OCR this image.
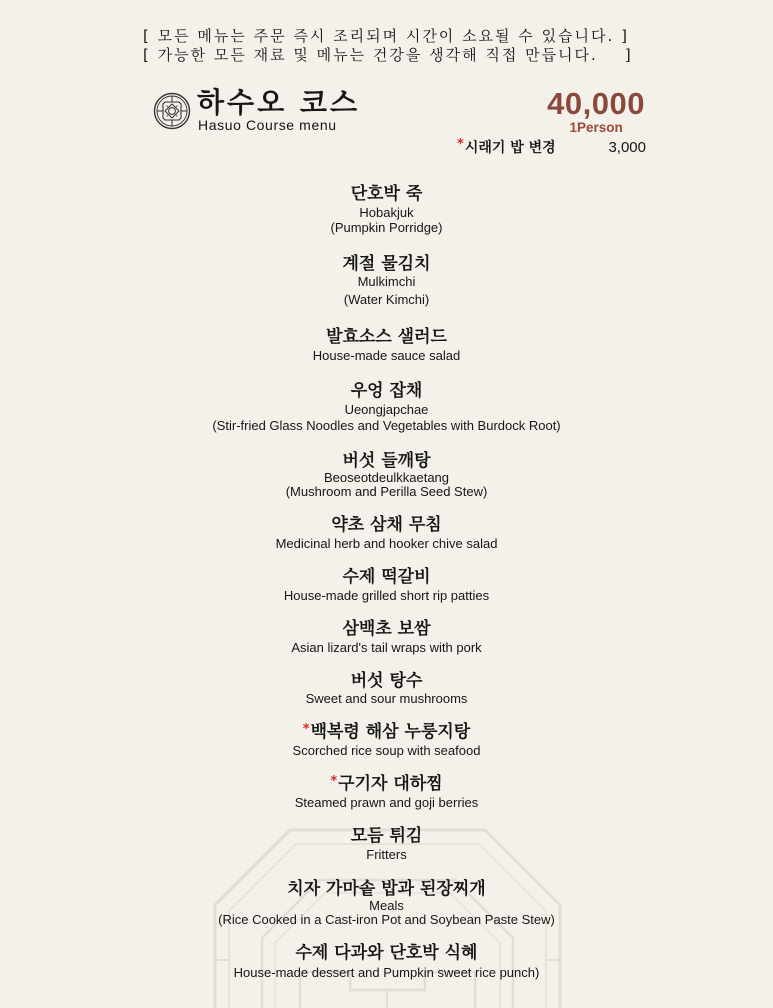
[ 모든 메뉴는 주문 즉시 조리되며 시간이 소요될 수 있습니다. ]
[ 가능한 모든 재료 및 메뉴는 건강을 생각해 직접 만듭니다.    ]
하수오 코스
Hasuo Course menu
40,000
1Person
*시래기 밥 변경	3,000
단호박 죽
Hobakjuk
(Pumpkin Porridge)
계절 물김치
Mulkimchi
(Water Kimchi)
발효소스 샐러드
House-made sauce salad
우엉 잡채
Ueongjapchae
(Stir-fried Glass Noodles and Vegetables with Burdock Root)
버섯 들깨탕
Beoseotdeulkkaetang
(Mushroom and Perilla Seed Stew)
약초 삼채 무침
Medicinal herb and hooker chive salad
수제 떡갈비
House-made grilled short rip patties
삼백초 보쌈
Asian lizard's tail wraps with pork
버섯 탕수
Sweet and sour mushrooms
*백복령 해삼 누룽지탕
Scorched rice soup with seafood
*구기자 대하찜
Steamed prawn and goji berries
모듬 튀김
Fritters
치자 가마솥 밥과 된장찌개
Meals
(Rice Cooked in a Cast-iron Pot and Soybean Paste Stew)
수제 다과와 단호박 식혜
House-made dessert and Pumpkin sweet rice punch)
